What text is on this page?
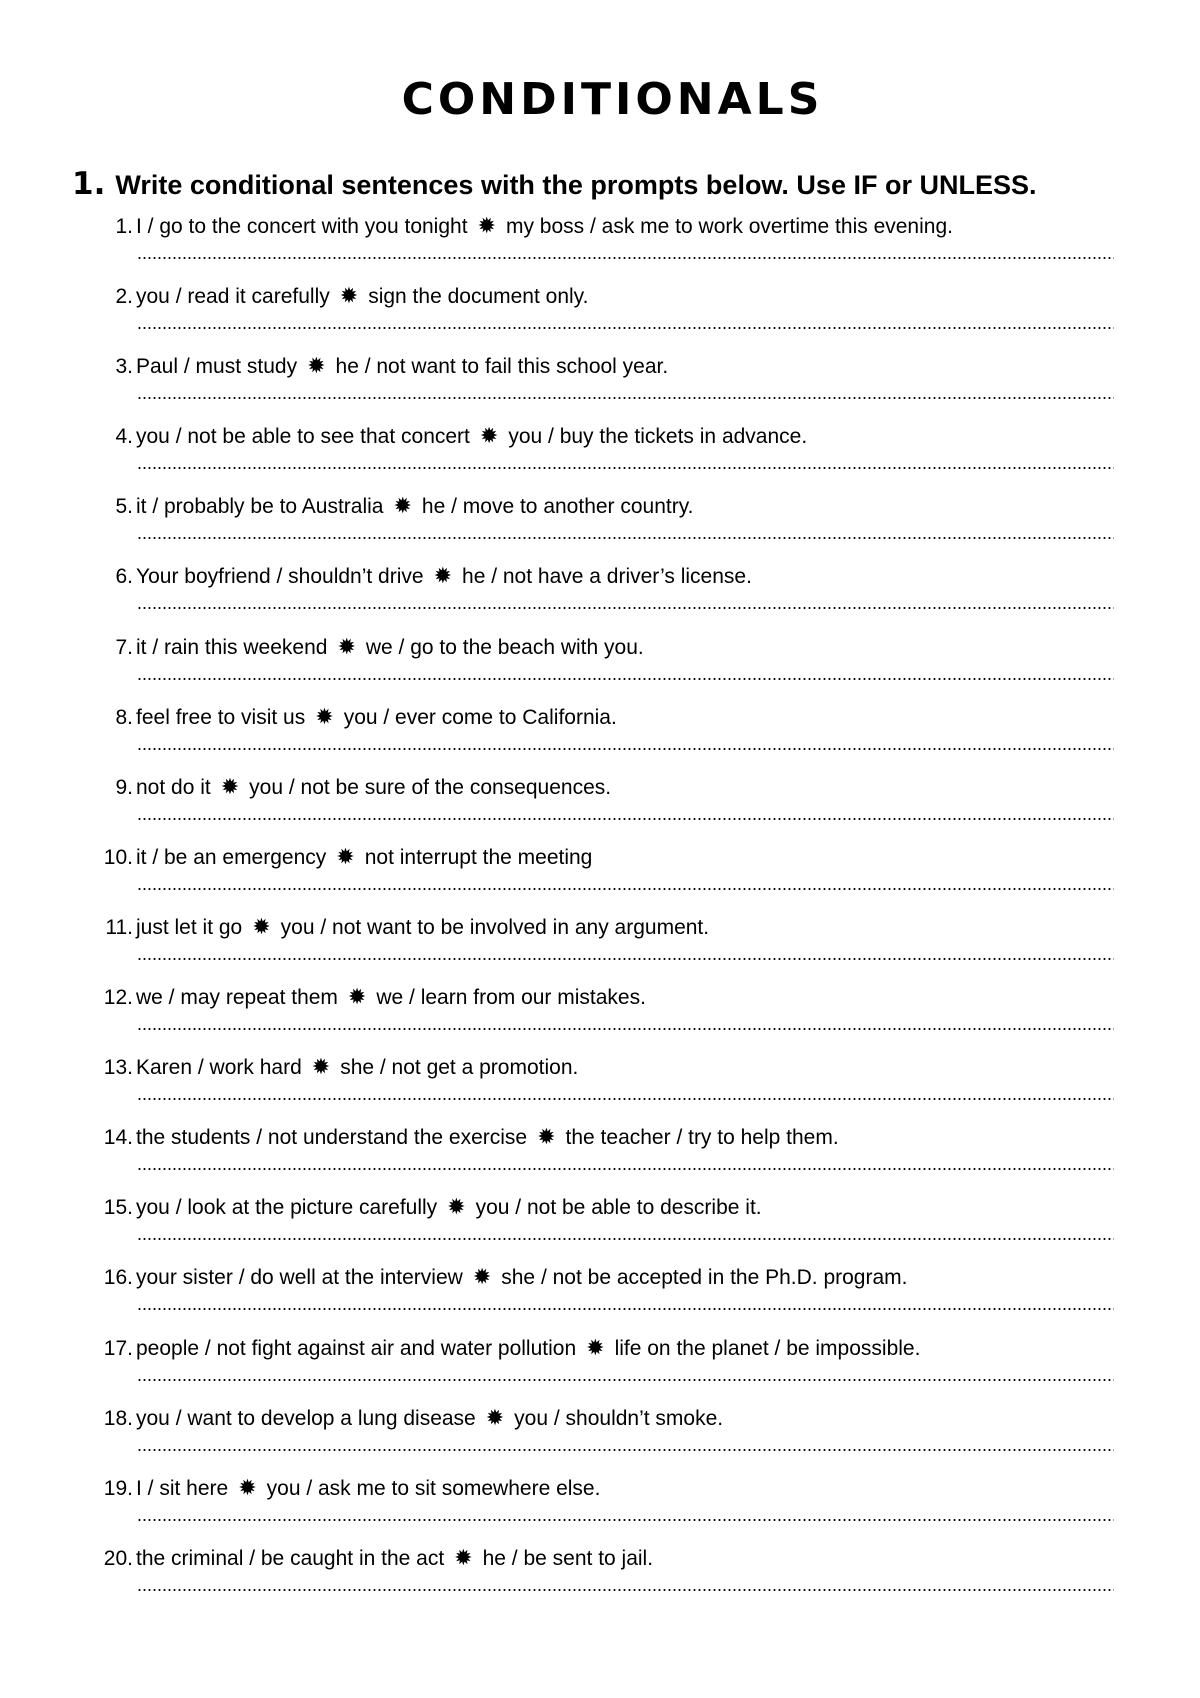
CONDITIONALS
1. Write conditional sentences with the prompts below. Use IF or UNLESS.
1. I / go to the concert with you tonight ✹ my boss / ask me to work overtime this evening.
2. you / read it carefully ✹ sign the document only.
3. Paul / must study ✹ he / not want to fail this school year.
4. you / not be able to see that concert ✹ you / buy the tickets in advance.
5. it / probably be to Australia ✹ he / move to another country.
6. Your boyfriend / shouldn’t drive ✹ he / not have a driver’s license.
7. it / rain this weekend ✹ we / go to the beach with you.
8. feel free to visit us ✹ you / ever come to California.
9. not do it ✹ you / not be sure of the consequences.
10. it / be an emergency ✹ not interrupt the meeting
11. just let it go ✹ you / not want to be involved in any argument.
12. we / may repeat them ✹ we / learn from our mistakes.
13. Karen / work hard ✹ she / not get a promotion.
14. the students / not understand the exercise ✹ the teacher / try to help them.
15. you / look at the picture carefully ✹ you / not be able to describe it.
16. your sister / do well at the interview ✹ she / not be accepted in the Ph.D. program.
17. people / not fight against air and water pollution ✹ life on the planet / be impossible.
18. you / want to develop a lung disease ✹ you / shouldn’t smoke.
19. I / sit here ✹ you / ask me to sit somewhere else.
20. the criminal / be caught in the act ✹ he / be sent to jail.
